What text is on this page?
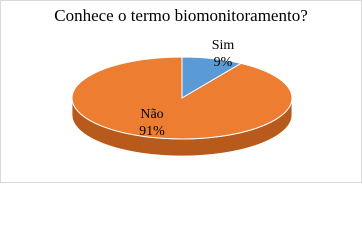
Conhece o termo biomonitoramento?
Sim
9%
Não
91%
